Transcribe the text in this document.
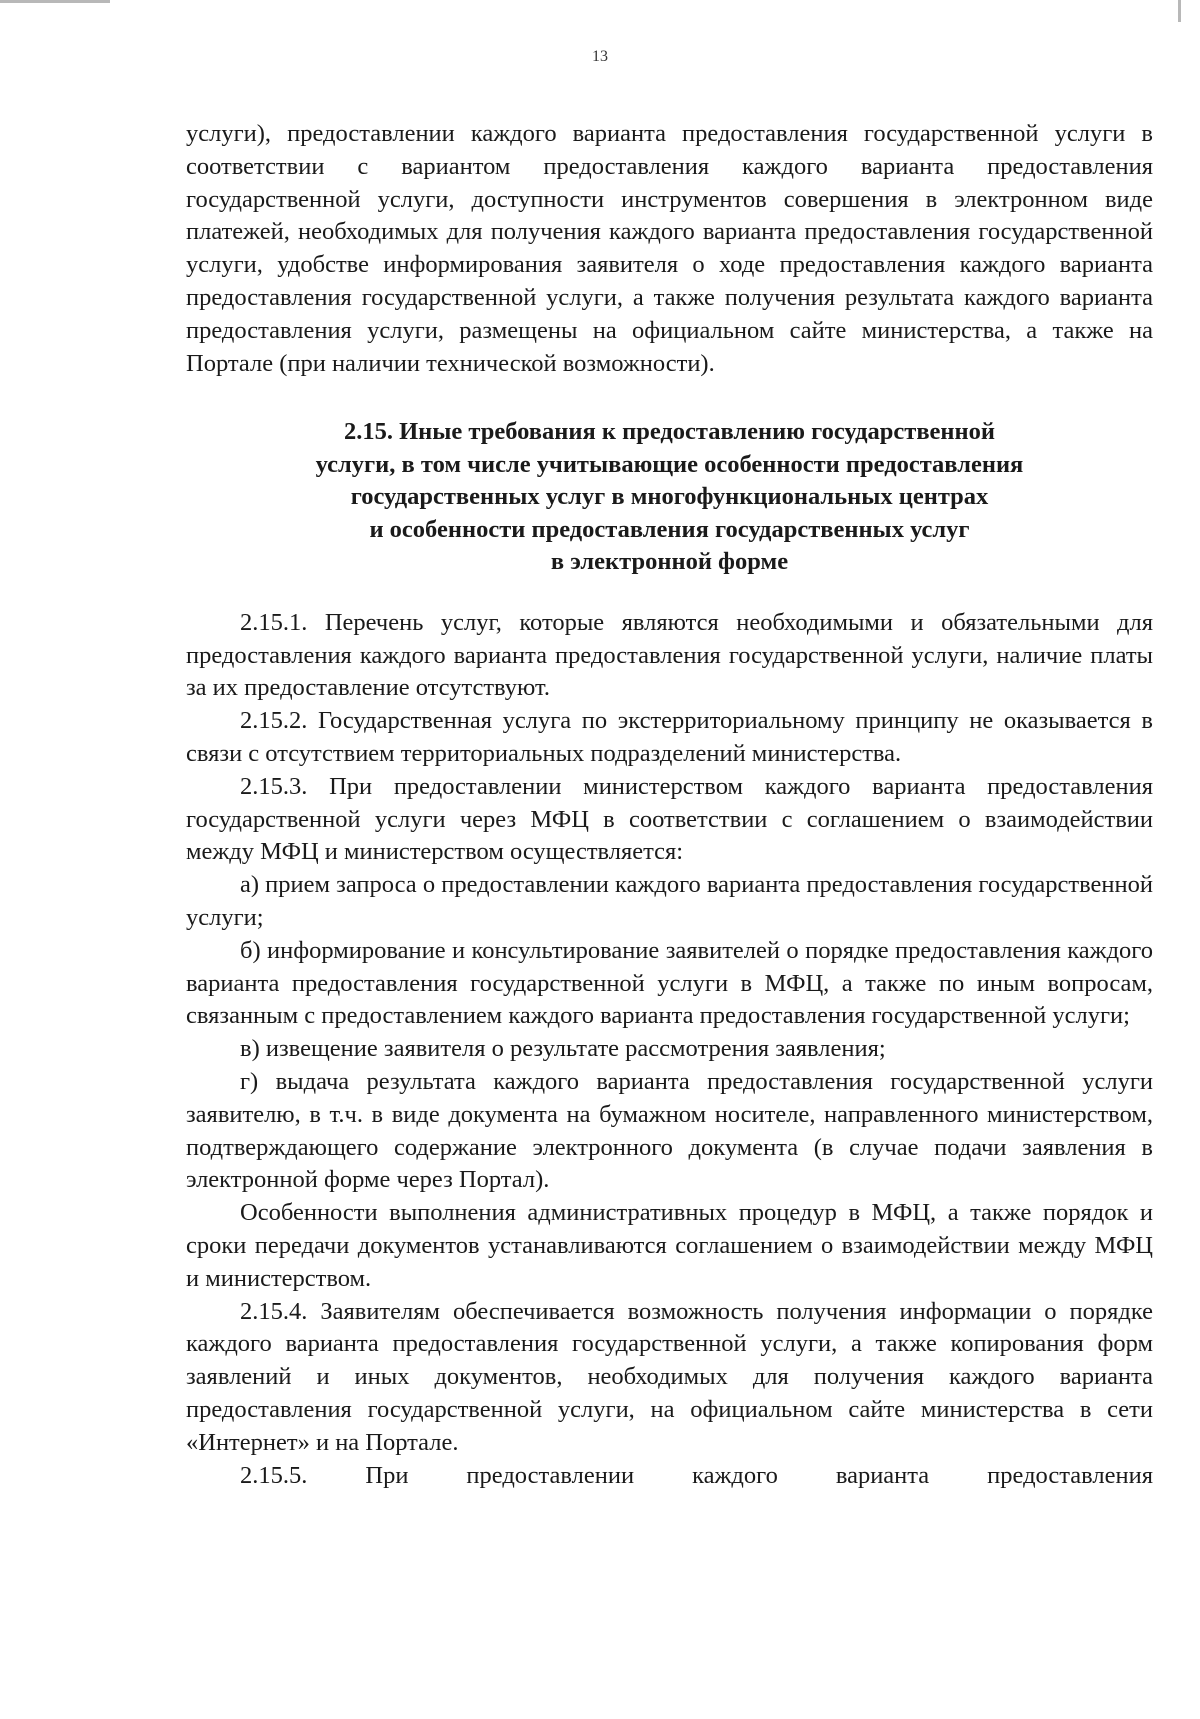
13

услуги), предоставлении каждого варианта предоставления государственной услуги в соответствии с вариантом предоставления каждого варианта предоставления государственной услуги, доступности инструментов совершения в электронном виде платежей, необходимых для получения каждого варианта предоставления государственной услуги, удобстве информирования заявителя о ходе предоставления каждого варианта предоставления государственной услуги, а также получения результата каждого варианта предоставления услуги, размещены на официальном сайте министерства, а также на Портале (при наличии технической возможности).

2.15. Иные требования к предоставлению государственной
услуги, в том числе учитывающие особенности предоставления
государственных услуг в многофункциональных центрах
и особенности предоставления государственных услуг
в электронной форме

2.15.1. Перечень услуг, которые являются необходимыми и обязательными для предоставления каждого варианта предоставления государственной услуги, наличие платы за их предоставление отсутствуют.

2.15.2. Государственная услуга по экстерриториальному принципу не оказывается в связи с отсутствием территориальных подразделений министерства.

2.15.3. При предоставлении министерством каждого варианта предоставления государственной услуги через МФЦ в соответствии с соглашением о взаимодействии между МФЦ и министерством осуществляется:

а) прием запроса о предоставлении каждого варианта предоставления государственной услуги;

б) информирование и консультирование заявителей о порядке предоставления каждого варианта предоставления государственной услуги в МФЦ, а также по иным вопросам, связанным с предоставлением каждого варианта предоставления государственной услуги;

в) извещение заявителя о результате рассмотрения заявления;

г) выдача результата каждого варианта предоставления государственной услуги заявителю, в т.ч. в виде документа на бумажном носителе, направленного министерством, подтверждающего содержание электронного документа (в случае подачи заявления в электронной форме через Портал).

Особенности выполнения административных процедур в МФЦ, а также порядок и сроки передачи документов устанавливаются соглашением о взаимодействии между МФЦ и министерством.

2.15.4. Заявителям обеспечивается возможность получения информации о порядке каждого варианта предоставления государственной услуги, а также копирования форм заявлений и иных документов, необходимых для получения каждого варианта предоставления государственной услуги, на официальном сайте министерства в сети «Интернет» и на Портале.

2.15.5. При предоставлении каждого варианта предоставления
